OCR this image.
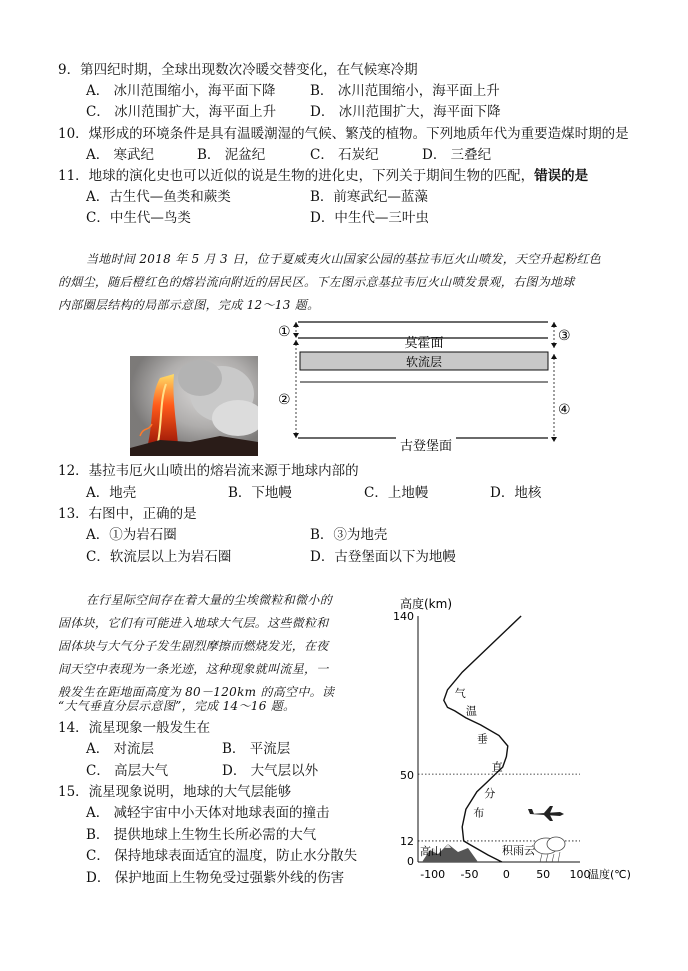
9．第四纪时期，全球出现数次冷暖交替变化，在气候寒冷期
A． 冰川范围缩小，海平面下降	B． 冰川范围缩小，海平面上升
C． 冰川范围扩大，海平面上升	D． 冰川范围扩大，海平面下降
10．煤形成的环境条件是具有温暖潮湿的气候、繁茂的植物。下列地质年代为重要造煤时期的是
A． 寒武纪	B． 泥盆纪	C． 石炭纪	D． 三叠纪
11．地球的演化史也可以近似的说是生物的进化史，下列关于期间生物的匹配，错误的是
A．古生代—鱼类和蕨类	B．前寒武纪—蓝藻
C．中生代—鸟类	D．中生代—三叶虫
当地时间 2018 年 5 月 3 日，位于夏威夷火山国家公园的基拉韦厄火山喷发，天空升起粉红色
的烟尘，随后橙红色的熔岩流向附近的居民区。下左图示意基拉韦厄火山喷发景观，右图为地球
内部圈层结构的局部示意图，完成 12～13 题。
①
②
③
④
莫霍面
软流层
古登堡面
12．基拉韦厄火山喷出的熔岩流来源于地球内部的
A．地壳	B．下地幔	C．上地幔	D．地核
13．右图中，正确的是
A．①为岩石圈	B．③为地壳
C．软流层以上为岩石圈	D．古登堡面以下为地幔
在行星际空间存在着大量的尘埃微粒和微小的
固体块，它们有可能进入地球大气层。这些微粒和
固体块与大气分子发生剧烈摩擦而燃烧发光，在夜
间天空中表现为一条光迹，这种现象就叫流星，一
般发生在距地面高度为 80－120km 的高空中。读
“大气垂直分层示意图”，完成 14～16 题。
14．流星现象一般发生在
A． 对流层	B． 平流层
C． 高层大气	D． 大气层以外
15．流星现象说明，地球的大气层能够
A． 减轻宇宙中小天体对地球表面的撞击
B． 提供地球上生物生长所必需的大气
C． 保持地球表面适宜的温度，防止水分散失
D． 保护地面上生物免受过强紫外线的伤害
高度(km)
140
50
12
0
高山	积雨云
气
温
垂
直
分
布
-100 -50 0 50 100
温度(℃)
